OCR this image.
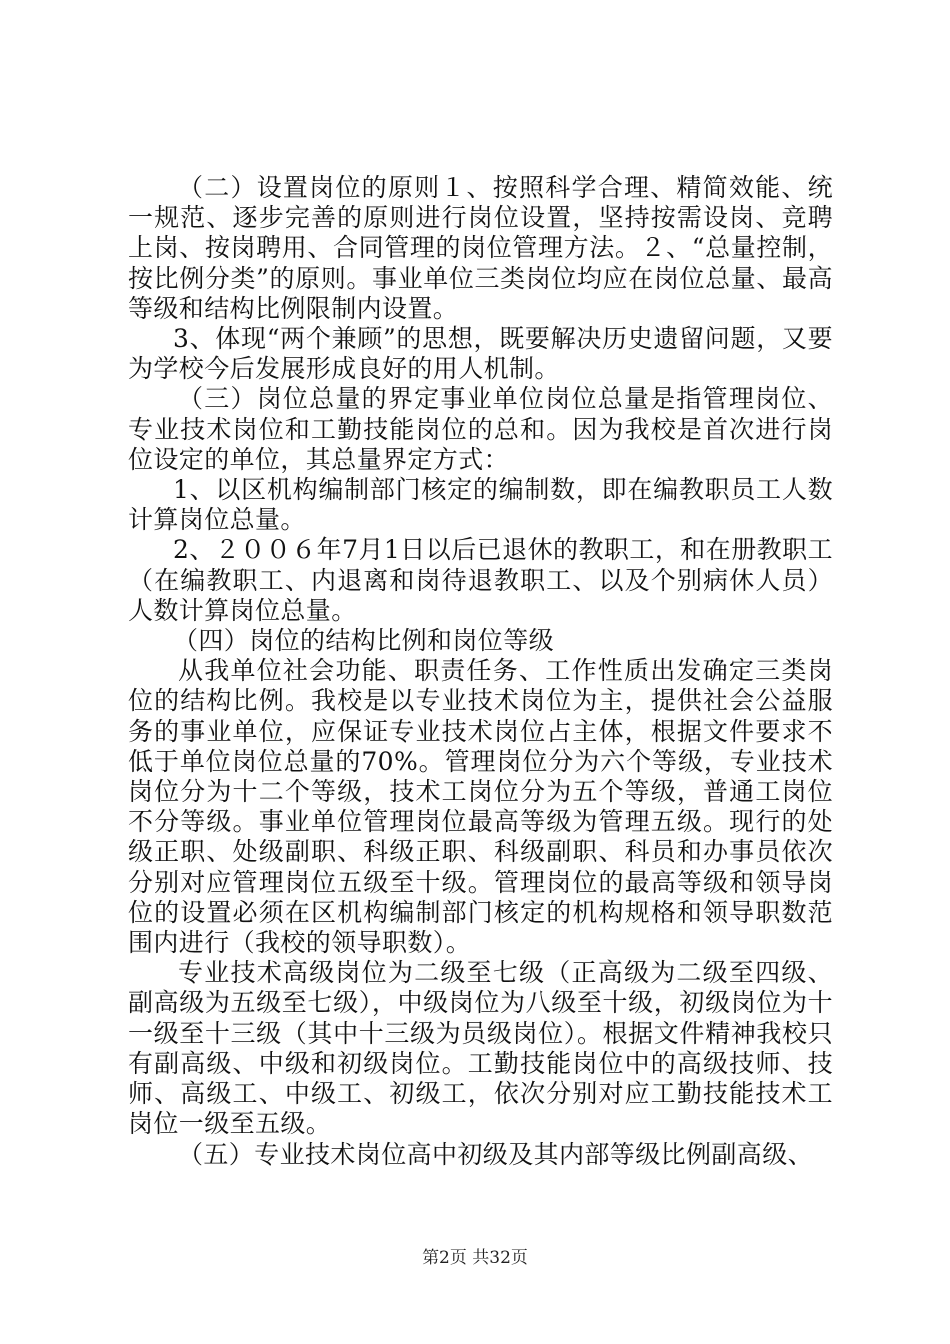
（二）设置岗位的原则１、按照科学合理、精简效能、统一规范、逐步完善的原则进行岗位设置，坚持按需设岗、竞聘上岗、按岗聘用、合同管理的岗位管理方法。２、“总量控制，按比例分类”的原则。事业单位三类岗位均应在岗位总量、最高等级和结构比例限制内设置。

3、体现“两个兼顾”的思想，既要解决历史遗留问题，又要为学校今后发展形成良好的用人机制。

（三）岗位总量的界定事业单位岗位总量是指管理岗位、专业技术岗位和工勤技能岗位的总和。因为我校是首次进行岗位设定的单位，其总量界定方式：

1、以区机构编制部门核定的编制数，即在编教职员工人数计算岗位总量。

2、２００６年7月1日以后已退休的教职工，和在册教职工（在编教职工、内退离和岗待退教职工、以及个别病休人员）人数计算岗位总量。

（四）岗位的结构比例和岗位等级

从我单位社会功能、职责任务、工作性质出发确定三类岗位的结构比例。我校是以专业技术岗位为主，提供社会公益服务的事业单位，应保证专业技术岗位占主体，根据文件要求不低于单位岗位总量的70%。管理岗位分为六个等级，专业技术岗位分为十二个等级，技术工岗位分为五个等级，普通工岗位不分等级。事业单位管理岗位最高等级为管理五级。现行的处级正职、处级副职、科级正职、科级副职、科员和办事员依次分别对应管理岗位五级至十级。管理岗位的最高等级和领导岗位的设置必须在区机构编制部门核定的机构规格和领导职数范围内进行（我校的领导职数）。

专业技术高级岗位为二级至七级（正高级为二级至四级、副高级为五级至七级），中级岗位为八级至十级，初级岗位为十一级至十三级（其中十三级为员级岗位）。根据文件精神我校只有副高级、中级和初级岗位。工勤技能岗位中的高级技师、技师、高级工、中级工、初级工，依次分别对应工勤技能技术工岗位一级至五级。

（五）专业技术岗位高中初级及其内部等级比例副高级、

第2页 共32页
